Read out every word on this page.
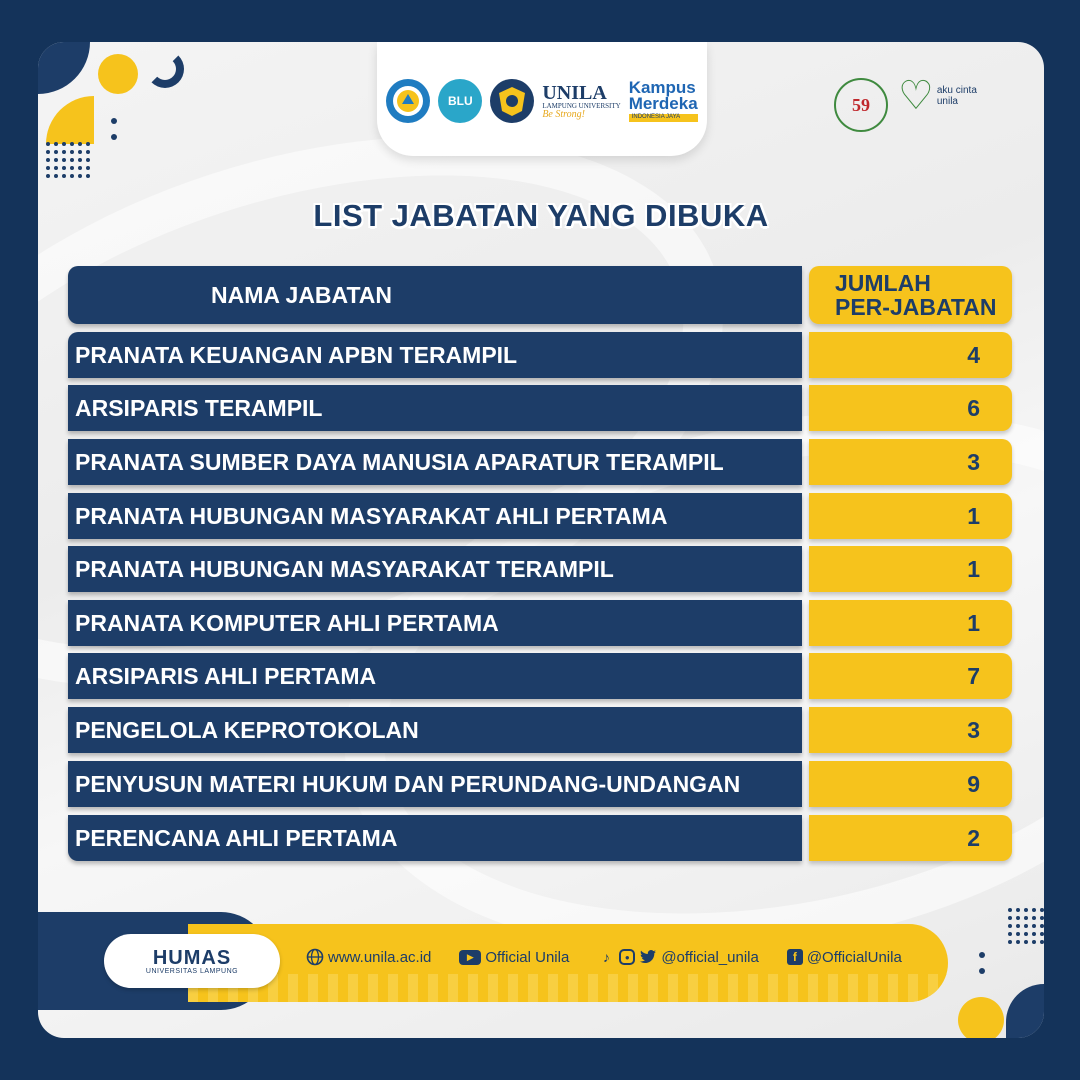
BLU	UNILA
LAMPUNG UNIVERSITY
Be Strong!
Kampus
Merdeka
INDONESIA JAYA
59 ♡ aku cinta
unila
LIST JABATAN YANG DIBUKA
NAMA JABATAN	JUMLAH
PER-JABATAN
PRANATA KEUANGAN APBN TERAMPIL	4
ARSIPARIS TERAMPIL	6
PRANATA SUMBER DAYA MANUSIA APARATUR TERAMPIL	3
PRANATA HUBUNGAN MASYARAKAT AHLI PERTAMA	1
PRANATA HUBUNGAN MASYARAKAT TERAMPIL	1
PRANATA KOMPUTER AHLI PERTAMA	1
ARSIPARIS AHLI PERTAMA	7
PENGELOLA KEPROTOKOLAN	3
PENYUSUN MATERI HUKUM DAN PERUNDANG-UNDANGAN	9
PERENCANA AHLI PERTAMA	2
HUMAS
UNIVERSITAS LAMPUNG
www.unila.ac.id	▶ Official Unila	♪	●	@official_unila	f @OfficialUnila
